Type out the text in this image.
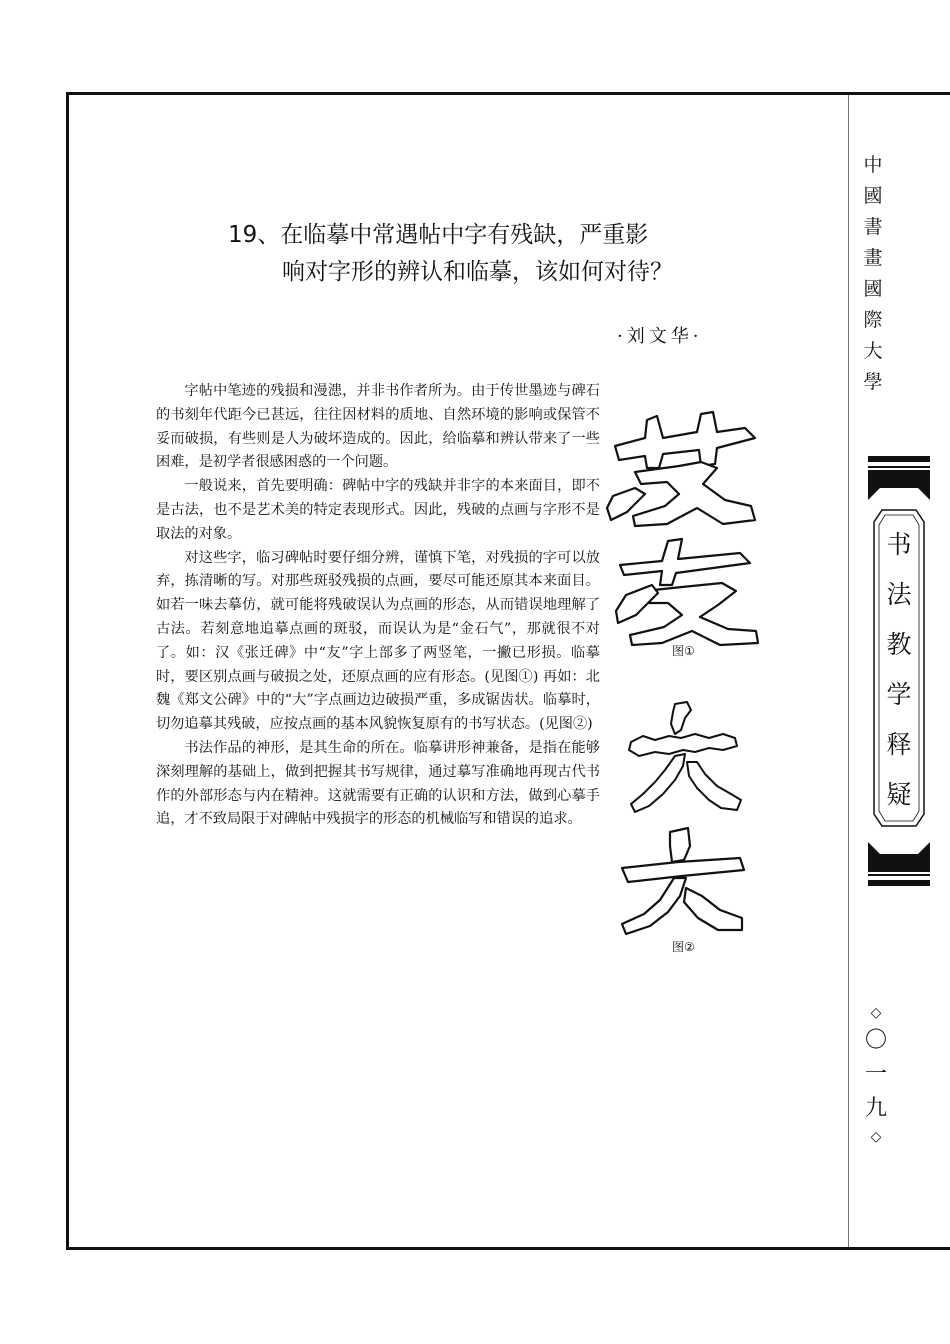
中
國
書
畫
國
際
大
學
书
法
教
学
释
疑
◇
〇
一
九
◇
19、在临摹中常遇帖中字有残缺，严重影
响对字形的辨认和临摹，该如何对待？
·刘文华·

字帖中笔迹的残损和漫漶，并非书作者所为。由于传世墨迹与碑石的书刻年代距今已甚远，往往因材料的质地、自然环境的影响或保管不妥而破损，有些则是人为破坏造成的。因此，给临摹和辨认带来了一些困难，是初学者很感困惑的一个问题。

一般说来，首先要明确：碑帖中字的残缺并非字的本来面目，即不是古法，也不是艺术美的特定表现形式。因此，残破的点画与字形不是取法的对象。

对这些字，临习碑帖时要仔细分辨，谨慎下笔，对残损的字可以放弃，拣清晰的写。对那些斑驳残损的点画，要尽可能还原其本来面目。如若一味去摹仿，就可能将残破误认为点画的形态，从而错误地理解了古法。若刻意地追摹点画的斑驳，而误认为是“金石气”，那就很不对了。如：汉《张迁碑》中“友”字上部多了两竖笔，一撇已形损。临摹时，要区别点画与破损之处，还原点画的应有形态。(见图①) 再如：北魏《郑文公碑》中的“大”字点画边边破损严重，多成锯齿状。临摹时，切勿追摹其残破，应按点画的基本风貌恢复原有的书写状态。(见图②)

书法作品的神形，是其生命的所在。临摹讲形神兼备，是指在能够深刻理解的基础上，做到把握其书写规律，通过摹写准确地再现古代书作的外部形态与内在精神。这就需要有正确的认识和方法，做到心摹手追，才不致局限于对碑帖中残损字的形态的机械临写和错误的追求。

图①
图②
